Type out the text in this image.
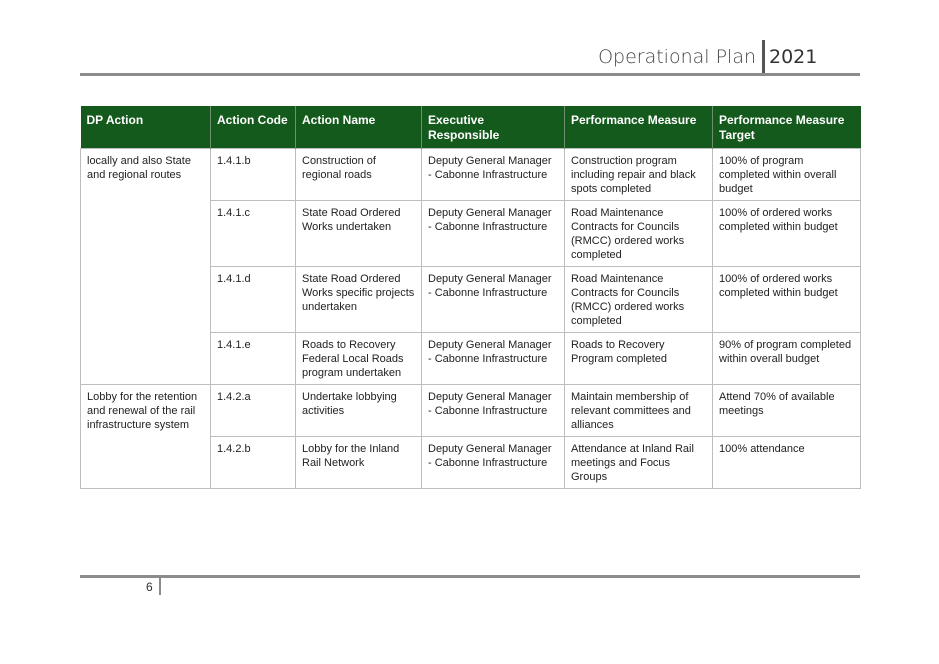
Operational Plan 2021
DP Action	Action Code	Action Name	Executive Responsible	Performance Measure	Performance Measure Target
locally and also State and regional routes	1.4.1.b	Construction of regional roads	Deputy General Manager - Cabonne Infrastructure	Construction program including repair and black spots completed	100% of program completed within overall budget
	1.4.1.c	State Road Ordered Works undertaken	Deputy General Manager - Cabonne Infrastructure	Road Maintenance Contracts for Councils (RMCC) ordered works completed	100% of ordered works completed within budget
	1.4.1.d	State Road Ordered Works specific projects undertaken	Deputy General Manager - Cabonne Infrastructure	Road Maintenance Contracts for Councils (RMCC) ordered works completed	100% of ordered works completed within budget
	1.4.1.e	Roads to Recovery Federal Local Roads program undertaken	Deputy General Manager - Cabonne Infrastructure	Roads to Recovery Program completed	90% of program completed within overall budget
Lobby for the retention and renewal of the rail infrastructure system	1.4.2.a	Undertake lobbying activities	Deputy General Manager - Cabonne Infrastructure	Maintain membership of relevant committees and alliances	Attend 70% of available meetings
	1.4.2.b	Lobby for the Inland Rail Network	Deputy General Manager - Cabonne Infrastructure	Attendance at Inland Rail meetings and Focus Groups	100% attendance
6
